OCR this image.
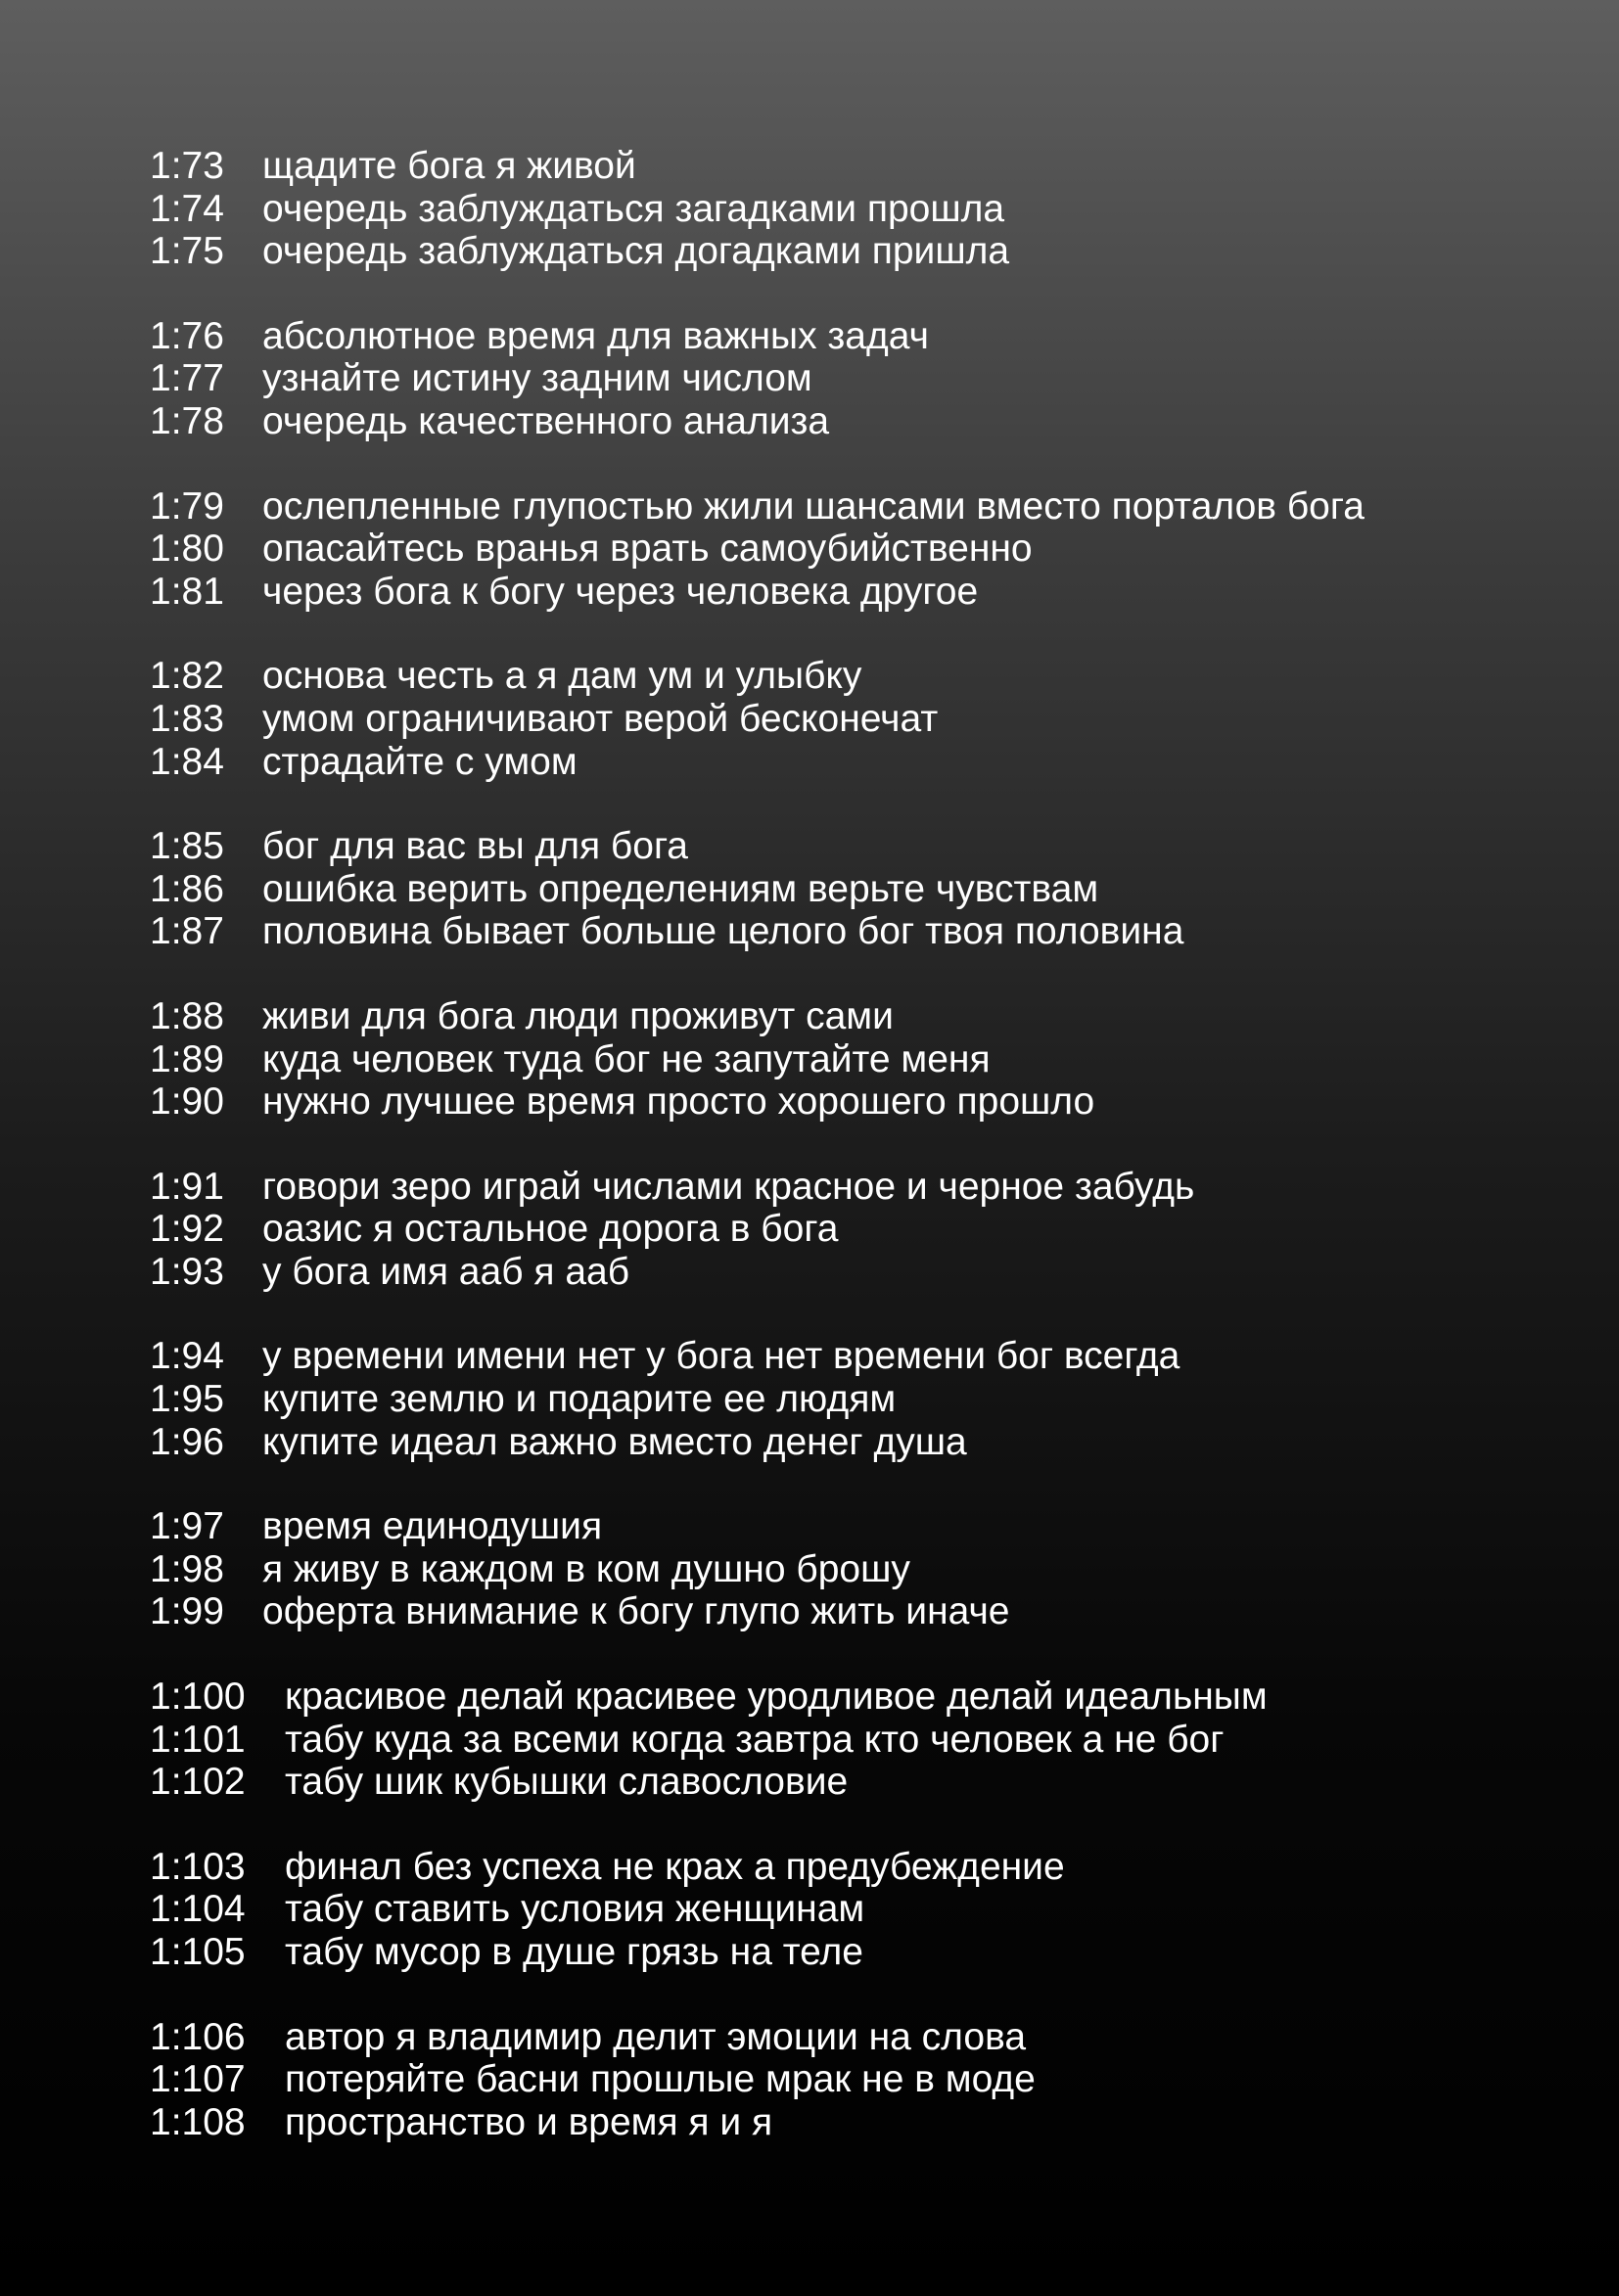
1:73	щадите бога я живой
1:74	очередь заблуждаться загадками прошла
1:75	очередь заблуждаться догадками пришла
1:76	абсолютное время для важных задач
1:77	узнайте истину задним числом
1:78	очередь качественного анализа
1:79	ослепленные глупостью жили шансами вместо порталов бога
1:80	опасайтесь вранья врать самоубийственно
1:81	через бога к богу через человека другое
1:82	основа честь а я дам ум и улыбку
1:83	умом ограничивают верой бесконечат
1:84	страдайте с умом
1:85	бог для вас вы для бога
1:86	ошибка верить определениям верьте чувствам
1:87	половина бывает больше целого бог твоя половина
1:88	живи для бога люди проживут сами
1:89	куда человек туда бог не запутайте меня
1:90	нужно лучшее время просто хорошего прошло
1:91	говори зеро играй числами красное и черное забудь
1:92	оазис я остальное дорога в бога
1:93	у бога имя ааб я ааб
1:94	у времени имени нет у бога нет времени бог всегда
1:95	купите землю и подарите ее людям
1:96	купите идеал важно вместо денег душа
1:97	время единодушия
1:98	я живу в каждом в ком душно брошу
1:99	оферта внимание к богу глупо жить иначе
1:100	красивое делай красивее уродливое делай идеальным
1:101	табу куда за всеми когда завтра кто человек а не бог
1:102	табу шик кубышки славословие
1:103	финал без успеха не крах а предубеждение
1:104	табу ставить условия женщинам
1:105	табу мусор в душе грязь на теле
1:106	автор я владимир делит эмоции на слова
1:107	потеряйте басни прошлые мрак не в моде
1:108	пространство и время я и я
